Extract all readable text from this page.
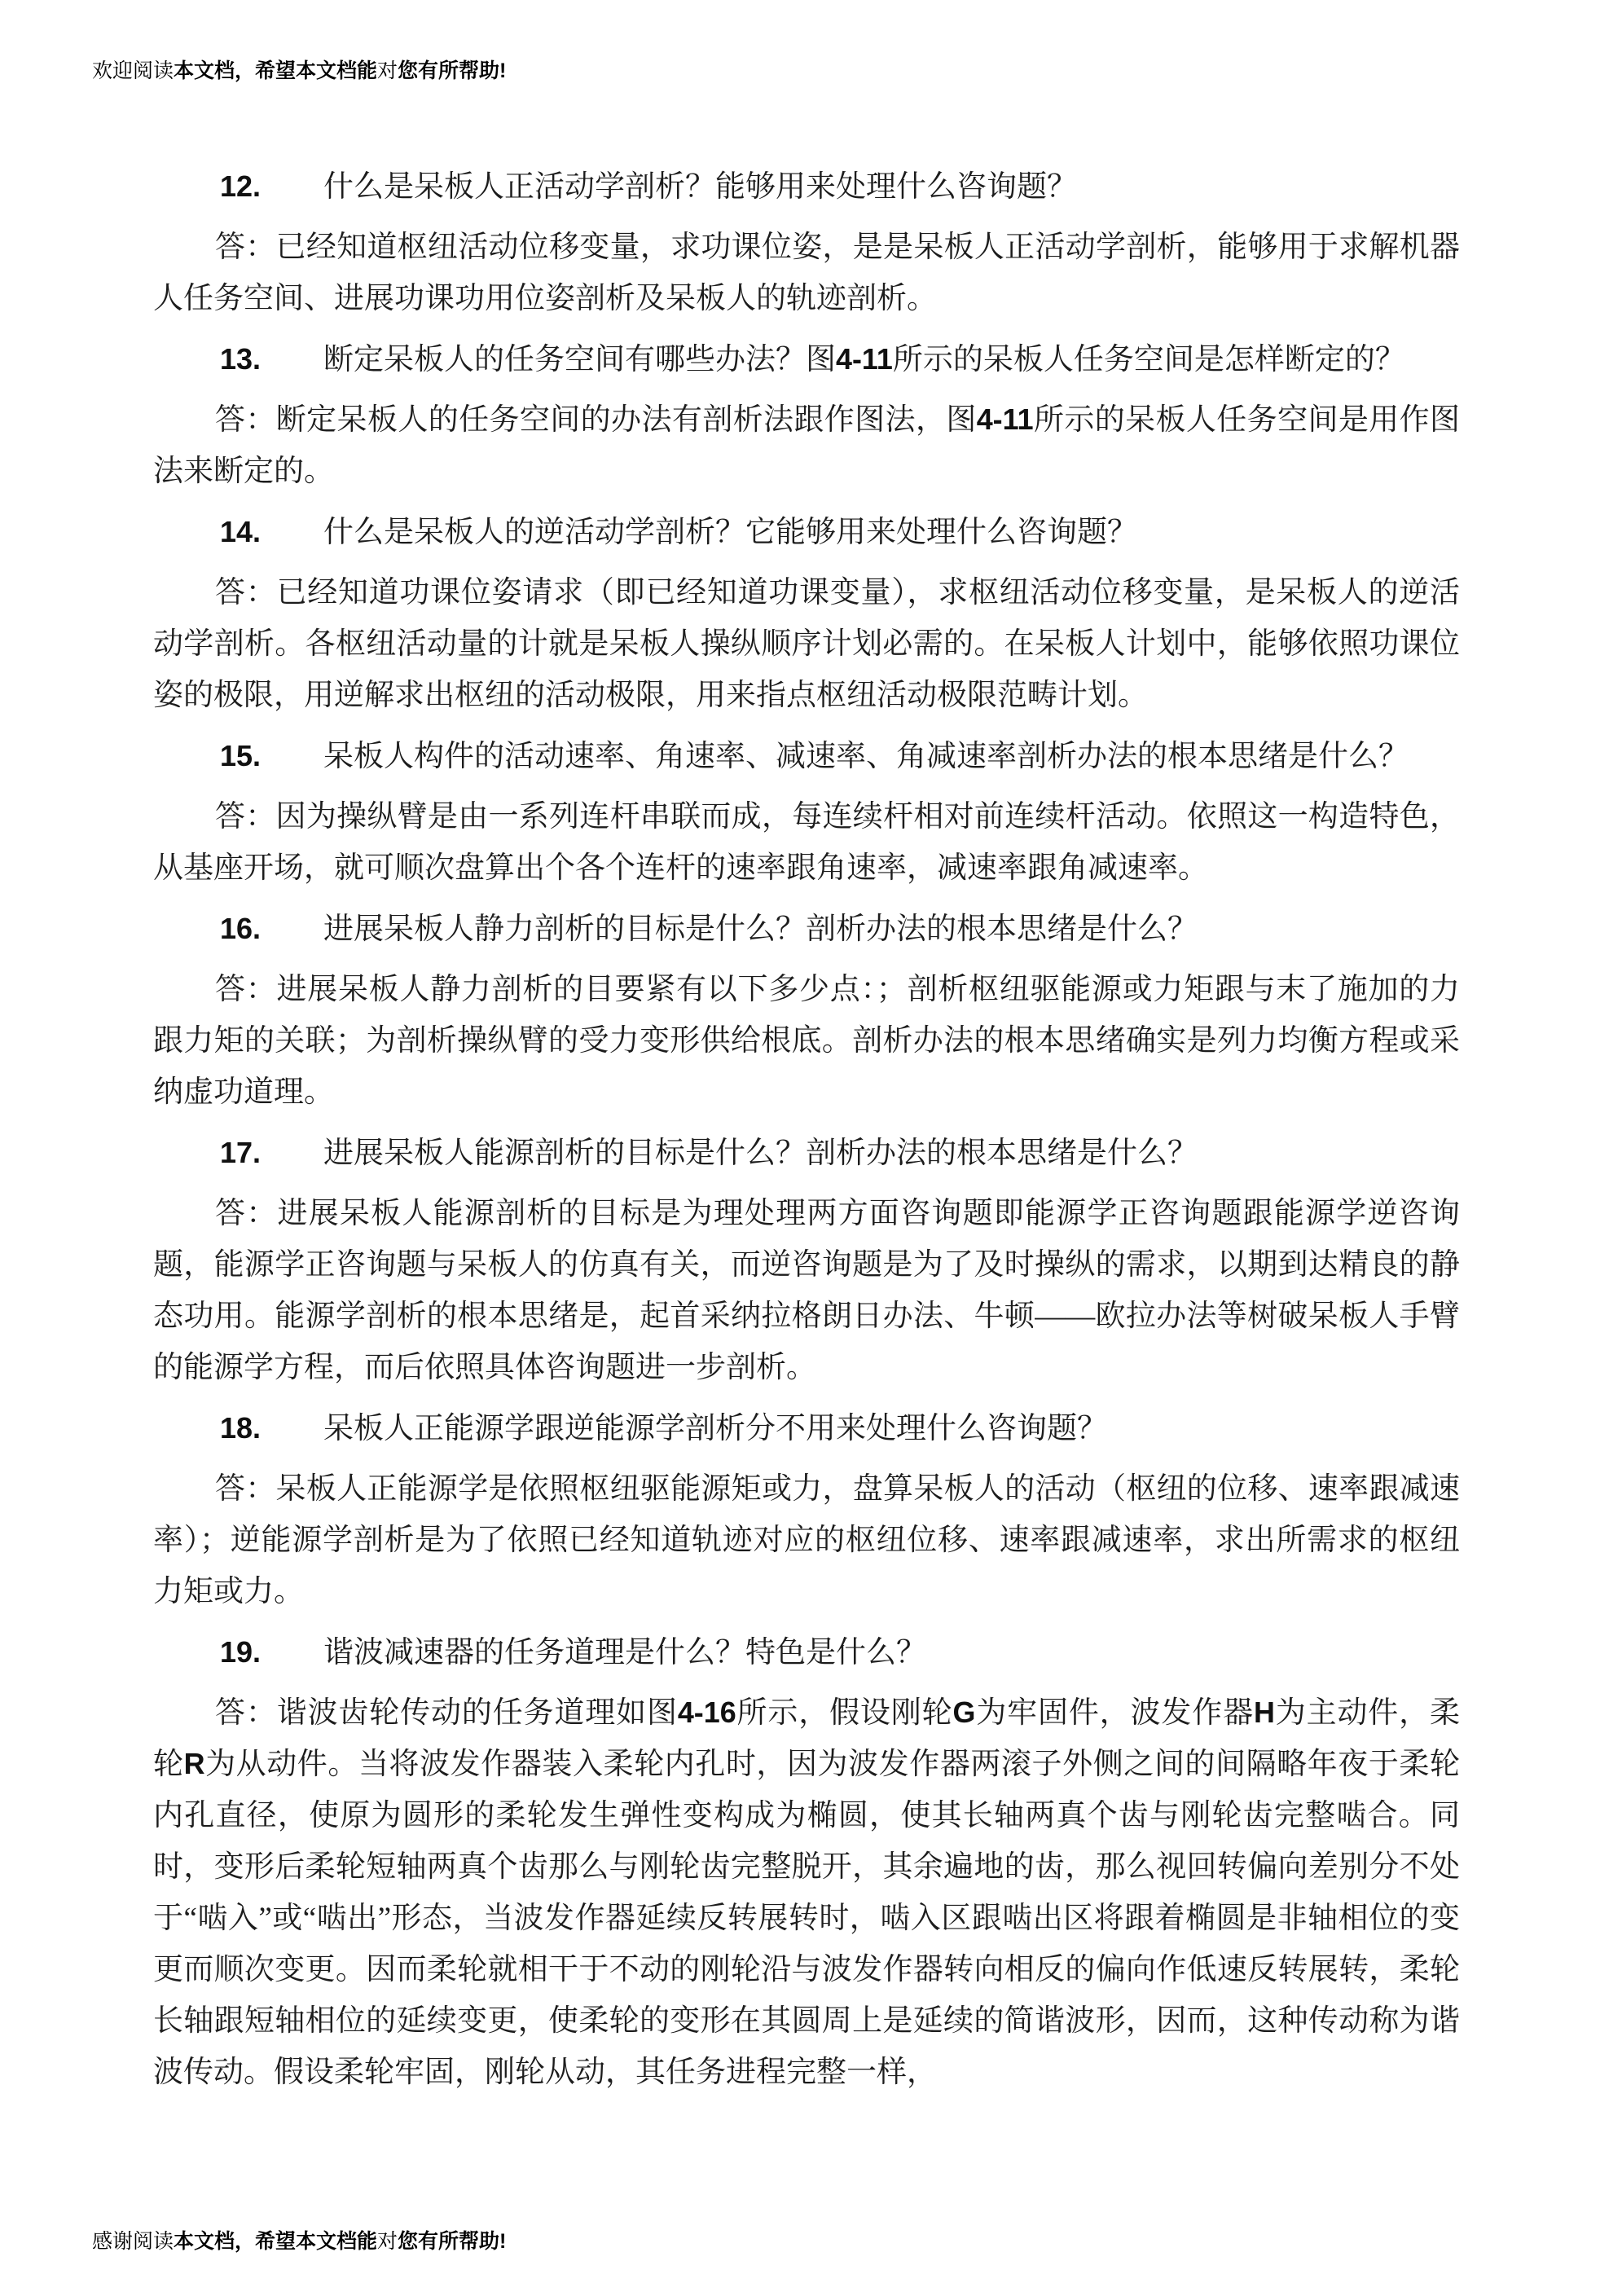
欢迎阅读本文档，希望本文档能对您有所帮助!

12. 什么是呆板人正活动学剖析？能够用来处理什么咨询题？

答：已经知道枢纽活动位移变量，求功课位姿，是是呆板人正活动学剖析，能够用于求解机器人任务空间、进展功课功用位姿剖析及呆板人的轨迹剖析。

13. 断定呆板人的任务空间有哪些办法？图4-11所示的呆板人任务空间是怎样断定的？

答：断定呆板人的任务空间的办法有剖析法跟作图法，图4-11所示的呆板人任务空间是用作图法来断定的。

14. 什么是呆板人的逆活动学剖析？它能够用来处理什么咨询题？

答：已经知道功课位姿请求（即已经知道功课变量），求枢纽活动位移变量，是呆板人的逆活动学剖析。各枢纽活动量的计就是呆板人操纵顺序计划必需的。在呆板人计划中，能够依照功课位姿的极限，用逆解求出枢纽的活动极限，用来指点枢纽活动极限范畴计划。

15. 呆板人构件的活动速率、角速率、减速率、角减速率剖析办法的根本思绪是什么？

答：因为操纵臂是由一系列连杆串联而成，每连续杆相对前连续杆活动。依照这一构造特色，从基座开场，就可顺次盘算出个各个连杆的速率跟角速率，减速率跟角减速率。

16. 进展呆板人静力剖析的目标是什么？剖析办法的根本思绪是什么？

答：进展呆板人静力剖析的目要紧有以下多少点：；剖析枢纽驱能源或力矩跟与末了施加的力跟力矩的关联；为剖析操纵臂的受力变形供给根底。剖析办法的根本思绪确实是列力均衡方程或采纳虚功道理。

17. 进展呆板人能源剖析的目标是什么？剖析办法的根本思绪是什么？

答：进展呆板人能源剖析的目标是为理处理两方面咨询题即能源学正咨询题跟能源学逆咨询题，能源学正咨询题与呆板人的仿真有关，而逆咨询题是为了及时操纵的需求，以期到达精良的静态功用。能源学剖析的根本思绪是，起首采纳拉格朗日办法、牛顿——欧拉办法等树破呆板人手臂的能源学方程，而后依照具体咨询题进一步剖析。

18. 呆板人正能源学跟逆能源学剖析分不用来处理什么咨询题？

答：呆板人正能源学是依照枢纽驱能源矩或力，盘算呆板人的活动（枢纽的位移、速率跟减速率）；逆能源学剖析是为了依照已经知道轨迹对应的枢纽位移、速率跟减速率，求出所需求的枢纽力矩或力。

19. 谐波减速器的任务道理是什么？特色是什么？

答：谐波齿轮传动的任务道理如图4-16所示，假设刚轮G为牢固件，波发作器H为主动件，柔轮R为从动件。当将波发作器装入柔轮内孔时，因为波发作器两滚子外侧之间的间隔略年夜于柔轮内孔直径，使原为圆形的柔轮发生弹性变构成为椭圆，使其长轴两真个齿与刚轮齿完整啮合。同时，变形后柔轮短轴两真个齿那么与刚轮齿完整脱开，其余遍地的齿，那么视回转偏向差别分不处于“啮入”或“啮出”形态，当波发作器延续反转展转时，啮入区跟啮出区将跟着椭圆是非轴相位的变更而顺次变更。因而柔轮就相干于不动的刚轮沿与波发作器转向相反的偏向作低速反转展转，柔轮长轴跟短轴相位的延续变更，使柔轮的变形在其圆周上是延续的简谐波形，因而，这种传动称为谐波传动。假设柔轮牢固，刚轮从动，其任务进程完整一样，

感谢阅读本文档，希望本文档能对您有所帮助!
